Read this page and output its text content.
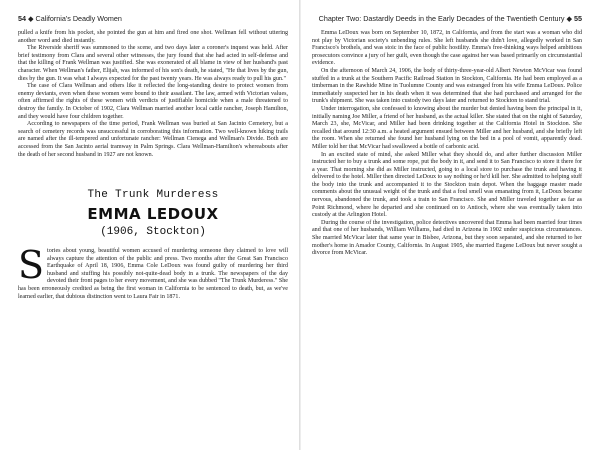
54 ◆ California's Deadly Women

pulled a knife from his pocket, she pointed the gun at him and fired one shot. Wellman fell without uttering another word and died instantly.

The Riverside sheriff was summoned to the scene, and two days later a coroner's inquest was held. After brief testimony from Clara and several other witnesses, the jury found that she had acted in self-defense and that the killing of Frank Wellman was justified. She was exonerated of all blame in view of her husband's past character. When Wellman's father, Elijah, was informed of his son's death, he stated, "He that lives by the gun, dies by the gun. It was what I always expected for the past twenty years. He was always ready to pull his gun."

The case of Clara Wellman and others like it reflected the long-standing desire to protect women from enemy deviants, even when these women were bound to their assailant. The law, armed with Victorian values, often affirmed the rights of these women with verdicts of justifiable homicide when a male threatened to destroy the family. In October of 1902, Clara Wellman married another local cattle rancher, Joseph Hamilton, and they would have four children together.

According to newspapers of the time period, Frank Wellman was buried at San Jacinto Cemetery, but a search of cemetery records was unsuccessful in corroborating this information. Two well-known hiking trails are named after the ill-tempered and unfortunate rancher: Wellman Cienega and Wellman's Divide. Both are accessed from the San Jacinto aerial tramway in Palm Springs. Clara Wellman-Hamilton's whereabouts after the death of her second husband in 1927 are not known.

The Trunk Murderess
EMMA LEDOUX
(1906, Stockton)

Stories about young, beautiful women accused of murdering someone they claimed to love will always capture the attention of the public and press. Two months after the Great San Francisco Earthquake of April 18, 1906, Emma Cole LeDoux was found guilty of murdering her third husband and stuffing his possibly not-quite-dead body in a trunk. The newspapers of the day devoted their front pages to her every movement, and she was dubbed "The Trunk Murderess." She has been erroneously credited as being the first woman in California to be sentenced to death, but, as we've learned earlier, that dubious distinction went to Laura Fair in 1871.

Chapter Two: Dastardly Deeds in the Early Decades of the Twentieth Century ◆ 55

Emma LeDoux was born on September 10, 1872, in California, and from the start was a woman who did not play by Victorian society's unbending rules. She left husbands she didn't love, allegedly worked in San Francisco's brothels, and was stoic in the face of public hostility. Emma's free-thinking ways helped ambitious prosecutors convince a jury of her guilt, even though the case against her was based primarily on circumstantial evidence.

On the afternoon of March 24, 1906, the body of thirty-three-year-old Albert Newton McVicar was found stuffed in a trunk at the Southern Pacific Railroad Station in Stockton, California. He had been employed as a timberman in the Rawhide Mine in Tuolumne County and was estranged from his wife Emma LeDoux. Police immediately suspected her in his death when it was determined that she had purchased and arranged for the trunk's shipment. She was taken into custody two days later and returned to Stockton to stand trial.

Under interrogation, she confessed to knowing about the murder but denied having been the principal in it, initially naming Joe Miller, a friend of her husband, as the actual killer. She stated that on the night of Saturday, March 23, she, McVicar, and Miller had been drinking together at the California Hotel in Stockton. She recalled that around 12:30 a.m. a heated argument ensued between Miller and her husband, and she briefly left the room. When she returned she found her husband lying on the bed in a pool of vomit, apparently dead. Miller told her that McVicar had swallowed a bottle of carbonic acid.

In an excited state of mind, she asked Miller what they should do, and after further discussion Miller instructed her to buy a trunk and some rope, put the body in it, and send it to San Francisco to store it there for a year. That morning she did as Miller instructed, going to a local store to purchase the trunk and having it delivered to the hotel. Miller then directed LeDoux to say nothing or he'd kill her. She admitted to helping stuff the body into the trunk and accompanied it to the Stockton train depot. When the baggage master made comments about the unusual weight of the trunk and that a foul smell was emanating from it, LeDoux became nervous, abandoned the trunk, and took a train to San Francisco. She and Miller traveled together as far as Point Richmond, where he departed and she continued on to Antioch, where she was eventually taken into custody at the Arlington Hotel.

During the course of the investigation, police detectives uncovered that Emma had been married four times and that one of her husbands, William Williams, had died in Arizona in 1902 under suspicious circumstances. She married McVicar later that same year in Bisbee, Arizona, but they soon separated, and she returned to her mother's home in Amador County, California. In August 1905, she married Eugene LeDoux but never sought a divorce from McVicar.
